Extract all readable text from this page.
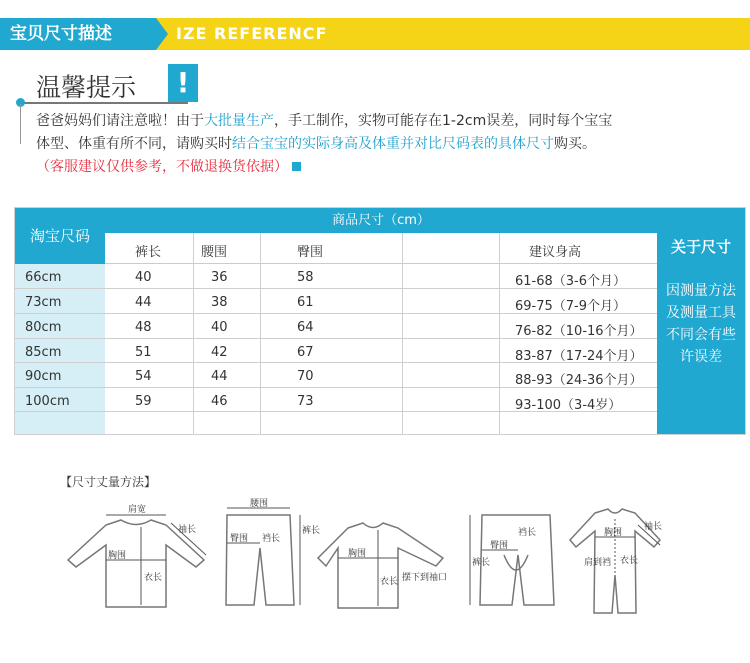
宝贝尺寸描述	IZE REFERENCF
温馨提示	!
爸爸妈妈们请注意啦！由于大批量生产，手工制作，实物可能存在1-2cm误差，同时每个宝宝
体型、体重有所不同，请购买时结合宝宝的实际身高及体重并对比尺码表的具体尺寸购买。
（客服建议仅供参考，不做退换货依据）
淘宝尺码
商品尺寸（cm）
裤长	腰围	臀围	建议身高
66cm	40	36	58	61-68（3-6个月）
73cm	44	38	61	69-75（7-9个月）
80cm	48	40	64	76-82（10-16个月）
85cm	51	42	67	83-87（17-24个月）
90cm	54	44	70	88-93（24-36个月）
100cm	59	46	73	93-100（3-4岁）
关于尺寸
因测量方法
及测量工具
不同会有些
许误差
【尺寸丈量方法】
肩宽
袖长
胸围
衣长
腰围
臀围 裆长
裤长
胸围
衣长 摆下到袖口
裤长
臀围
裆长	胸围
衣长
肩到裆
袖长
